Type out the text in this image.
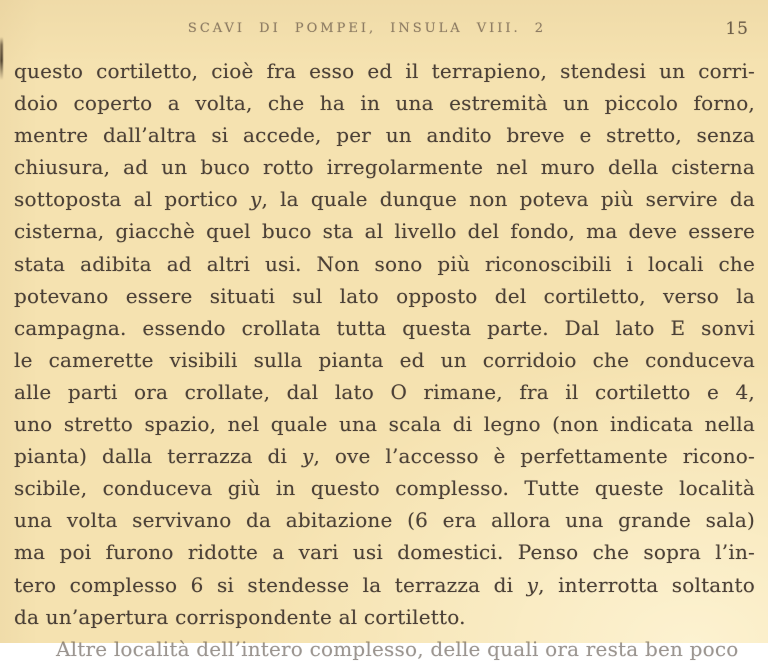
SCAVI DI POMPEI, INSULA VIII. 2	15
questo cortiletto, cioè fra esso ed il terrapieno, stendesi un corri-
doio coperto a volta, che ha in una estremità un piccolo forno,
mentre dall’altra si accede, per un andito breve e stretto, senza
chiusura, ad un buco rotto irregolarmente nel muro della cisterna
sottoposta al portico y, la quale dunque non poteva più servire da
cisterna, giacchè quel buco sta al livello del fondo, ma deve essere
stata adibita ad altri usi. Non sono più riconoscibili i locali che
potevano essere situati sul lato opposto del cortiletto, verso la
campagna. essendo crollata tutta questa parte. Dal lato E sonvi
le camerette visibili sulla pianta ed un corridoio che conduceva
alle parti ora crollate, dal lato O rimane, fra il cortiletto e 4,
uno stretto spazio, nel quale una scala di legno (non indicata nella
pianta) dalla terrazza di y, ove l’accesso è perfettamente ricono-
scibile, conduceva giù in questo complesso. Tutte queste località
una volta servivano da abitazione (6 era allora una grande sala)
ma poi furono ridotte a vari usi domestici. Penso che sopra l’in-
tero complesso 6 si stendesse la terrazza di y, interrotta soltanto
da un’apertura corrispondente al cortiletto.
Altre località dell’intero complesso, delle quali ora resta ben poco
